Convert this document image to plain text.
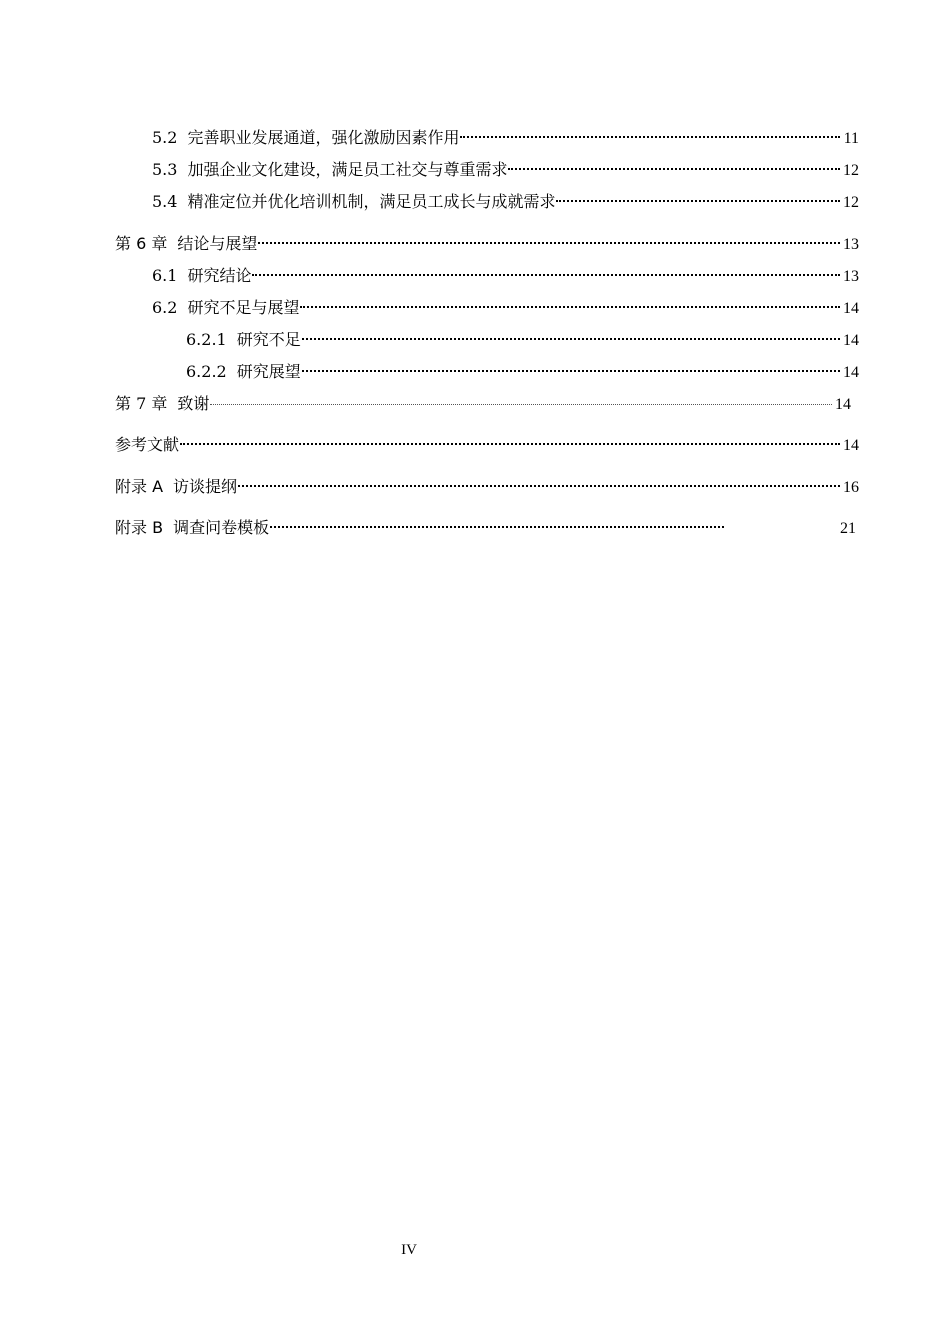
5.2 完善职业发展通道，强化激励因素作用	11
5.3 加强企业文化建设，满足员工社交与尊重需求	12
5.4 精准定位并优化培训机制，满足员工成长与成就需求	12
第 6 章 结论与展望	13
6.1 研究结论	13
6.2 研究不足与展望	14
6.2.1 研究不足	14
6.2.2 研究展望	14
第 7 章 致谢	14
参考文献	14
附录 A 访谈提纲	16
附录 B 调查问卷模板	21
IV
